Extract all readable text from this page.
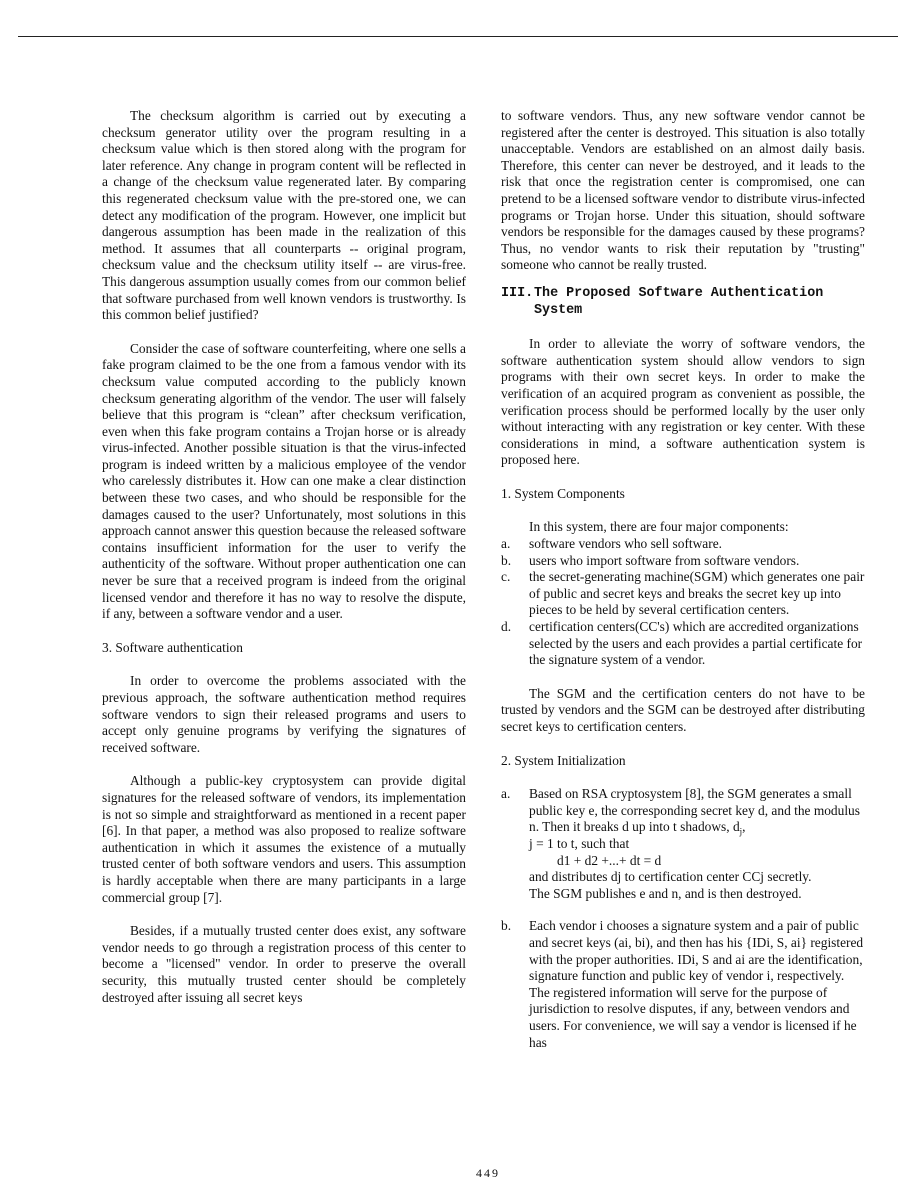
The checksum algorithm is carried out by executing a checksum generator utility over the program resulting in a checksum value which is then stored along with the program for later reference. Any change in program content will be reflected in a change of the checksum value regenerated later. By comparing this regenerated checksum value with the pre-stored one, we can detect any modification of the program. However, one implicit but dangerous assumption has been made in the realization of this method. It assumes that all counterparts -- original program, checksum value and the checksum utility itself -- are virus-free. This dangerous assumption usually comes from our common belief that software purchased from well known vendors is trustworthy. Is this common belief justified?

Consider the case of software counterfeiting, where one sells a fake program claimed to be the one from a famous vendor with its checksum value computed according to the publicly known checksum generating algorithm of the vendor. The user will falsely believe that this program is “clean” after checksum verification, even when this fake program contains a Trojan horse or is already virus-infected. Another possible situation is that the virus-infected program is indeed written by a malicious employee of the vendor who carelessly distributes it. How can one make a clear distinction between these two cases, and who should be responsible for the damages caused to the user? Unfortunately, most solutions in this approach cannot answer this question because the released software contains insufficient information for the user to verify the authenticity of the software. Without proper authentication one can never be sure that a received program is indeed from the original licensed vendor and therefore it has no way to resolve the dispute, if any, between a software vendor and a user.

3. Software authentication

In order to overcome the problems associated with the previous approach, the software authentication method requires software vendors to sign their released programs and users to accept only genuine programs by verifying the signatures of received software.

Although a public-key cryptosystem can provide digital signatures for the released software of vendors, its implementation is not so simple and straightforward as mentioned in a recent paper [6]. In that paper, a method was also proposed to realize software authentication in which it assumes the existence of a mutually trusted center of both software vendors and users. This assumption is hardly acceptable when there are many participants in a large commercial group [7].

Besides, if a mutually trusted center does exist, any software vendor needs to go through a registration process of this center to become a "licensed" vendor. In order to preserve the overall security, this mutually trusted center should be completely destroyed after issuing all secret keys

to software vendors. Thus, any new software vendor cannot be registered after the center is destroyed. This situation is also totally unacceptable. Vendors are established on an almost daily basis. Therefore, this center can never be destroyed, and it leads to the risk that once the registration center is compromised, one can pretend to be a licensed software vendor to distribute virus-infected programs or Trojan horse. Under this situation, should software vendors be responsible for the damages caused by these programs? Thus, no vendor wants to risk their reputation by "trusting" someone who cannot be really trusted.

III.The Proposed Software Authentication
System

In order to alleviate the worry of software vendors, the software authentication system should allow vendors to sign programs with their own secret keys. In order to make the verification of an acquired program as convenient as possible, the verification process should be performed locally by the user only without interacting with any registration or key center. With these considerations in mind, a software authentication system is proposed here.

1. System Components

In this system, there are four major components:

a. software vendors who sell software.
b. users who import software from software vendors.
c. the secret-generating machine(SGM) which generates one pair of public and secret keys and breaks the secret key up into pieces to be held by several certification centers.
d. certification centers(CC's) which are accredited organizations selected by the users and each provides a partial certificate for the signature system of a vendor.

The SGM and the certification centers do not have to be trusted by vendors and the SGM can be destroyed after distributing secret keys to certification centers.

2. System Initialization

a. Based on RSA cryptosystem [8], the SGM generates a small public key e, the corresponding secret key d, and the modulus n. Then it breaks d up into t shadows, $d_j$,
j = 1 to t, such that
d1 + d2 +...+ dt = d
and distributes dj to certification center CCj secretly.
The SGM publishes e and n, and is then destroyed.
b. Each vendor i chooses a signature system and a pair of public and secret keys (ai, bi), and then has his {IDi, S, ai} registered with the proper authorities. IDi, S and ai are the identification, signature function and public key of vendor i, respectively. The registered information will serve for the purpose of jurisdiction to resolve disputes, if any, between vendors and users. For convenience, we will say a vendor is licensed if he has
449
